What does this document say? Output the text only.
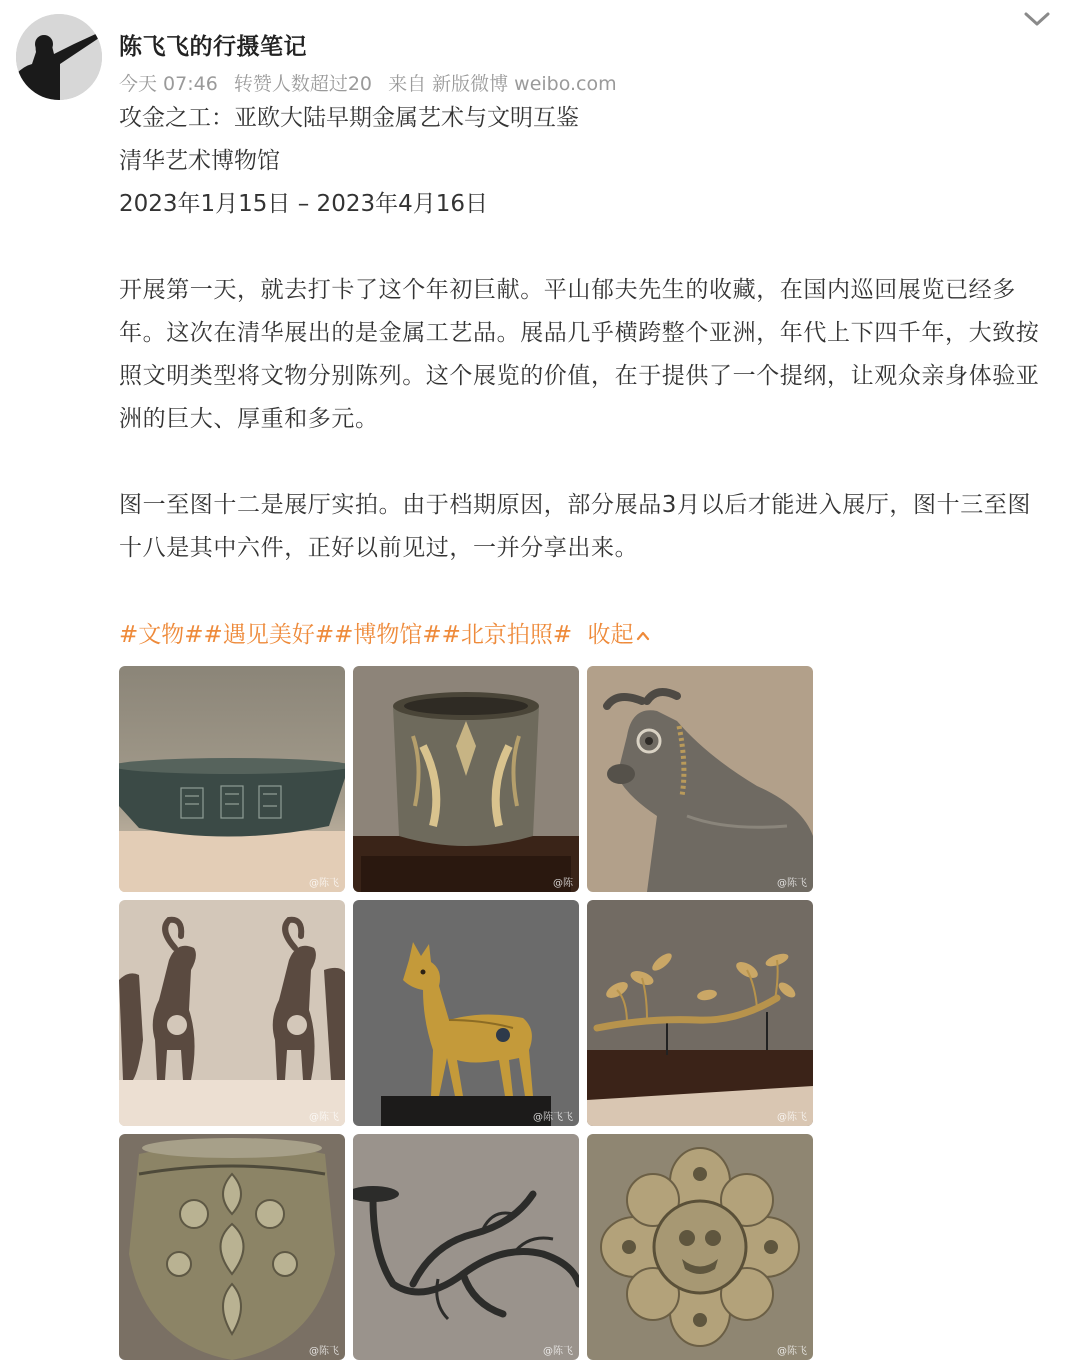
陈飞飞的行摄笔记
今天 07:46 转赞人数超过20 来自 新版微博 weibo.com
攻金之工：亚欧大陆早期金属艺术与文明互鉴
清华艺术博物馆
2023年1月15日 – 2023年4月16日
开展第一天，就去打卡了这个年初巨献。平山郁夫先生的收藏，在国内巡回展览已经多年。这次在清华展出的是金属工艺品。展品几乎横跨整个亚洲，年代上下四千年，大致按照文明类型将文物分别陈列。这个展览的价值，在于提供了一个提纲，让观众亲身体验亚洲的巨大、厚重和多元。
图一至图十二是展厅实拍。由于档期原因，部分展品3月以后才能进入展厅，图十三至图十八是其中六件，正好以前见过，一并分享出来。
#文物##遇见美好##博物馆##北京拍照# 收起
@陈飞	@陈	@陈飞
@陈飞	@陈飞飞	@陈飞
@陈飞	@陈飞	@陈飞
